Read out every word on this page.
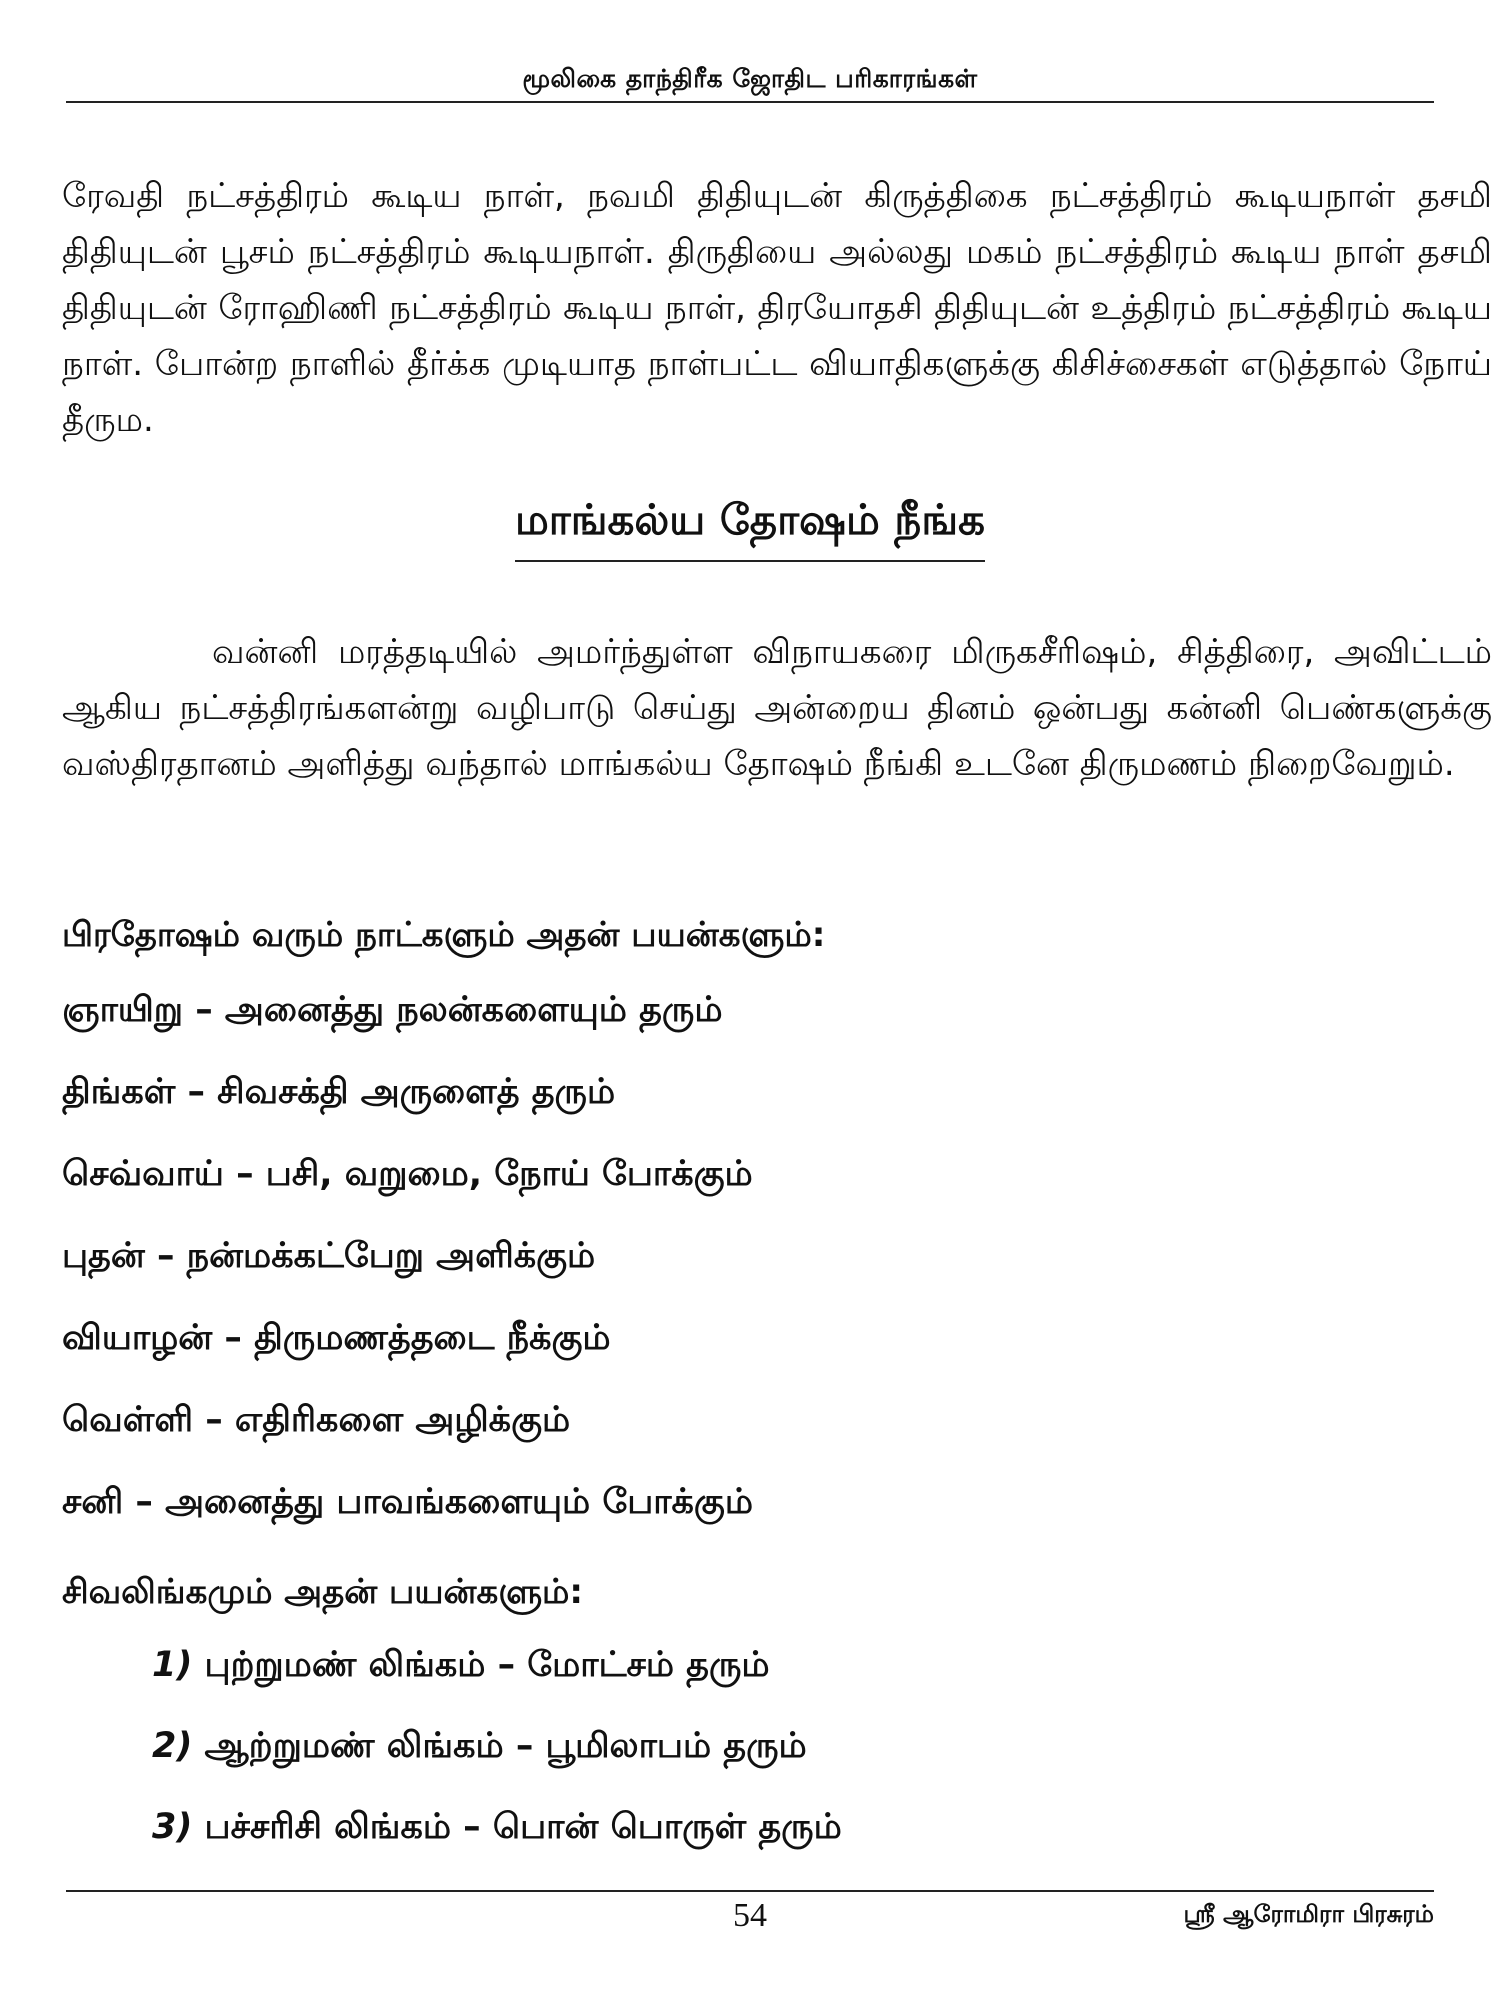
மூலிகை தாந்திரீக ஜோதிட பரிகாரங்கள்

ரேவதி நட்சத்திரம் கூடிய நாள், நவமி திதியுடன் கிருத்திகை நட்சத்திரம் கூடியநாள் தசமி திதியுடன் பூசம் நட்சத்திரம் கூடியநாள். திருதியை அல்லது மகம் நட்சத்திரம் கூடிய நாள் தசமி திதியுடன் ரோஹிணி நட்சத்திரம் கூடிய நாள், திரயோதசி திதியுடன் உத்திரம் நட்சத்திரம் கூடிய நாள். போன்ற நாளில் தீர்க்க முடியாத நாள்பட்ட வியாதிகளுக்கு கிசிச்சைகள் எடுத்தால் நோய் தீரும.

மாங்கல்ய தோஷம் நீங்க

வன்னி மரத்தடியில் அமர்ந்துள்ள விநாயகரை மிருகசீரிஷம், சித்திரை, அவிட்டம் ஆகிய நட்சத்திரங்களன்று வழிபாடு செய்து அன்றைய தினம் ஒன்பது கன்னி பெண்களுக்கு வஸ்திரதானம் அளித்து வந்தால் மாங்கல்ய தோஷம் நீங்கி உடனே திருமணம் நிறைவேறும்.

பிரதோஷம் வரும் நாட்களும் அதன் பயன்களும்:
ஞாயிறு – அனைத்து நலன்களையும் தரும்
திங்கள் – சிவசக்தி அருளைத் தரும்
செவ்வாய் – பசி, வறுமை, நோய் போக்கும்
புதன் – நன்மக்கட்பேறு அளிக்கும்
வியாழன் – திருமணத்தடை நீக்கும்
வெள்ளி – எதிரிகளை அழிக்கும்
சனி – அனைத்து பாவங்களையும் போக்கும்
சிவலிங்கமும் அதன் பயன்களும்:
1) புற்றுமண் லிங்கம் – மோட்சம் தரும்
2) ஆற்றுமண் லிங்கம் – பூமிலாபம் தரும்
3) பச்சரிசி லிங்கம் – பொன் பொருள் தரும்
54	ஸ்ரீ ஆரோமிரா பிரசுரம்
